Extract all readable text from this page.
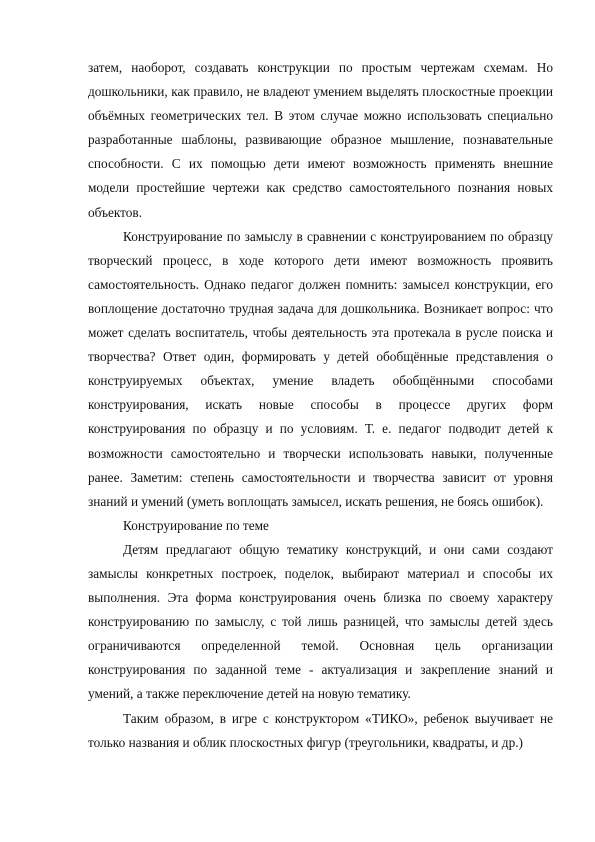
затем, наоборот, создавать конструкции по простым чертежам схемам. Но дошкольники, как правило, не владеют умением выделять плоскостные проекции объёмных геометрических тел. В этом случае можно использовать специально разработанные шаблоны, развивающие образное мышление, познавательные способности. С их помощью дети имеют возможность применять внешние модели простейшие чертежи как средство самостоятельного познания новых объектов.

Конструирование по замыслу в сравнении с конструированием по образцу творческий процесс, в ходе которого дети имеют возможность проявить самостоятельность. Однако педагог должен помнить: замысел конструкции, его воплощение достаточно трудная задача для дошкольника. Возникает вопрос: что может сделать воспитатель, чтобы деятельность эта протекала в русле поиска и творчества? Ответ один, формировать у детей обобщённые представления о конструируемых объектах, умение владеть обобщёнными способами конструирования, искать новые способы в процессе других форм конструирования по образцу и по условиям. Т. е. педагог подводит детей к возможности самостоятельно и творчески использовать навыки, полученные ранее. Заметим: степень самостоятельности и творчества зависит от уровня знаний и умений (уметь воплощать замысел, искать решения, не боясь ошибок).

Конструирование по теме

Детям предлагают общую тематику конструкций, и они сами создают замыслы конкретных построек, поделок, выбирают материал и способы их выполнения. Эта форма конструирования очень близка по своему характеру конструированию по замыслу, с той лишь разницей, что замыслы детей здесь ограничиваются определенной темой. Основная цель организации конструирования по заданной теме - актуализация и закрепление знаний и умений, а также переключение детей на новую тематику.

Таким образом, в игре с конструктором «ТИКО», ребенок выучивает не только названия и облик плоскостных фигур (треугольники, квадраты, и др.)
